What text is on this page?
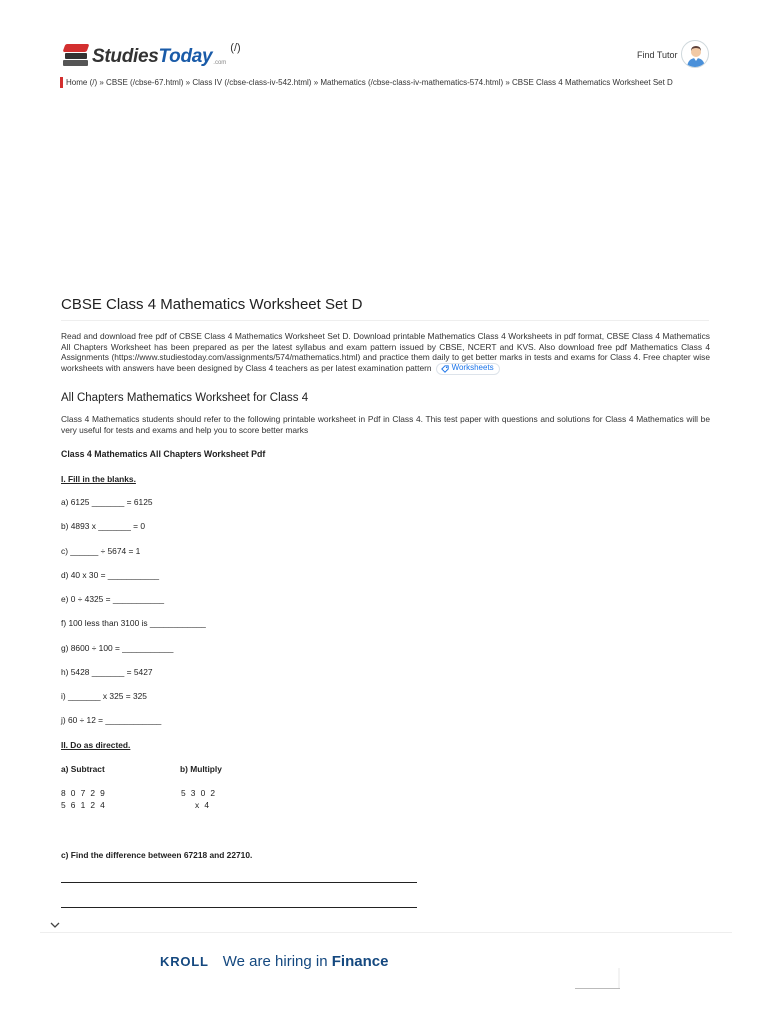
StudiesToday .com
(/)
Find Tutor
Home (/) » CBSE (/cbse-67.html) » Class IV (/cbse-class-iv-542.html) » Mathematics (/cbse-class-iv-mathematics-574.html) » CBSE Class 4 Mathematics Worksheet Set D
CBSE Class 4 Mathematics Worksheet Set D
Read and download free pdf of CBSE Class 4 Mathematics Worksheet Set D. Download printable Mathematics Class 4 Worksheets in pdf format, CBSE Class 4 Mathematics All Chapters Worksheet has been prepared as per the latest syllabus and exam pattern issued by CBSE, NCERT and KVS. Also download free pdf Mathematics Class 4 Assignments (https://www.studiestoday.com/assignments/574/mathematics.html) and practice them daily to get better marks in tests and exams for Class 4. Free chapter wise worksheets with answers have been designed by Class 4 teachers as per latest examination pattern	Worksheets
All Chapters Mathematics Worksheet for Class 4
Class 4 Mathematics students should refer to the following printable worksheet in Pdf in Class 4. This test paper with questions and solutions for Class 4 Mathematics will be very useful for tests and exams and help you to score better marks
Class 4 Mathematics All Chapters Worksheet Pdf
I. Fill in the blanks.
a) 6125 _______ = 6125
b) 4893 x _______ = 0
c) ______ ÷ 5674 = 1
d) 40 x 30 = ___________
e) 0 ÷ 4325 = ___________
f) 100 less than 3100 is ____________
g) 8600 ÷ 100 = ___________
h) 5428 _______ = 5427
i) _______ x 325 = 325
j) 60 ÷ 12 = ____________
II. Do as directed.
a) Subtract	b) Multiply
8 0 7 2 9
5 6 1 2 4
5 3 0 2
x 4
c) Find the difference between 67218 and 22710.
KROLL We are hiring in Finance
